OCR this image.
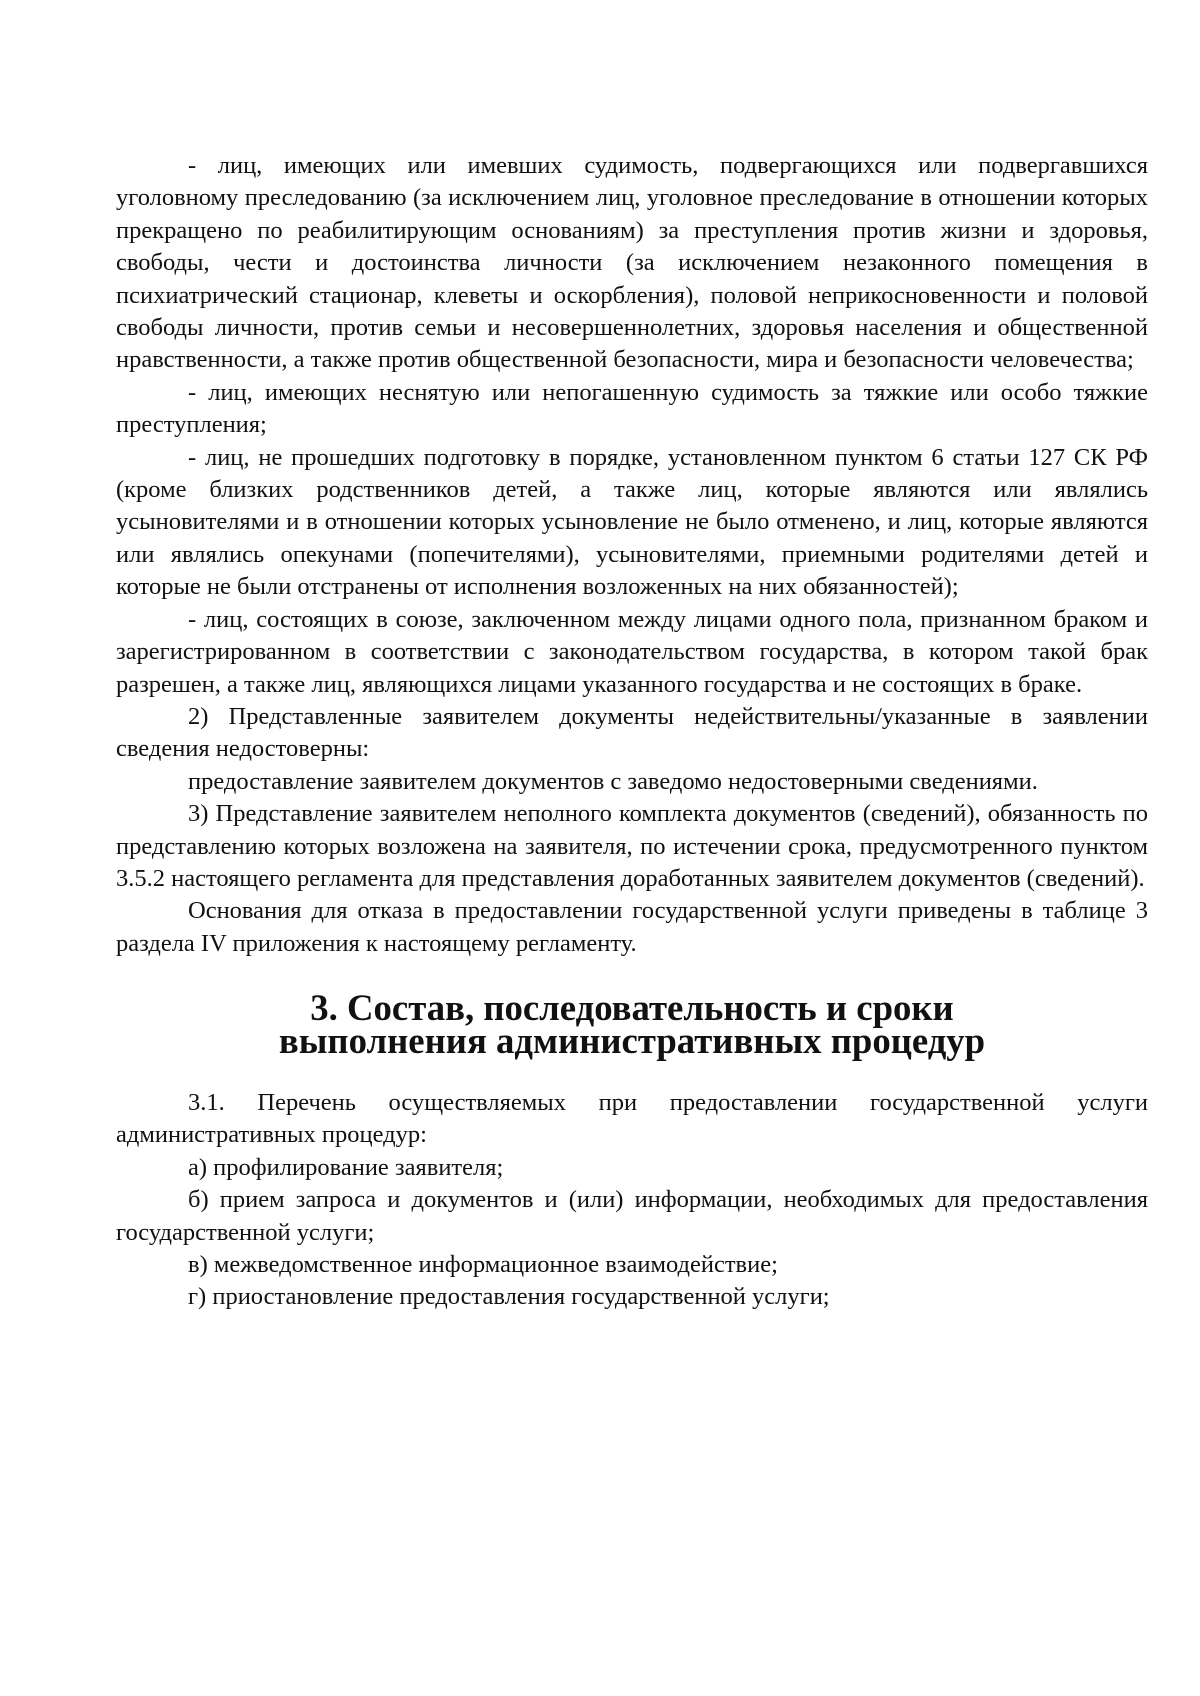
- лиц, имеющих или имевших судимость, подвергающихся или подвергавшихся уголовному преследованию (за исключением лиц, уголовное преследование в отношении которых прекращено по реабилитирующим основаниям) за преступления против жизни и здоровья, свободы, чести и достоинства личности (за исключением незаконного помещения в психиатрический стационар, клеветы и оскорбления), половой неприкосновенности и половой свободы личности, против семьи и несовершеннолетних, здоровья населения и общественной нравственности, а также против общественной безопасности, мира и безопасности человечества;

- лиц, имеющих неснятую или непогашенную судимость за тяжкие или особо тяжкие преступления;

- лиц, не прошедших подготовку в порядке, установленном пунктом 6 статьи 127 СК РФ (кроме близких родственников детей, а также лиц, которые являются или являлись усыновителями и в отношении которых усыновление не было отменено, и лиц, которые являются или являлись опекунами (попечителями), усыновителями, приемными родителями детей и которые не были отстранены от исполнения возложенных на них обязанностей);

- лиц, состоящих в союзе, заключенном между лицами одного пола, признанном браком и зарегистрированном в соответствии с законодательством государства, в котором такой брак разрешен, а также лиц, являющихся лицами указанного государства и не состоящих в браке.

2) Представленные заявителем документы недействительны/указанные в заявлении сведения недостоверны:

предоставление заявителем документов с заведомо недостоверными сведениями.

3) Представление заявителем неполного комплекта документов (сведений), обязанность по представлению которых возложена на заявителя, по истечении срока, предусмотренного пунктом 3.5.2 настоящего регламента для представления доработанных заявителем документов (сведений).

Основания для отказа в предоставлении государственной услуги приведены в таблице 3 раздела IV приложения к настоящему регламенту.

3. Состав, последовательность и сроки
выполнения административных процедур

3.1. Перечень осуществляемых при предоставлении государственной услуги административных процедур:

а) профилирование заявителя;

б) прием запроса и документов и (или) информации, необходимых для предоставления государственной услуги;

в) межведомственное информационное взаимодействие;

г) приостановление предоставления государственной услуги;
